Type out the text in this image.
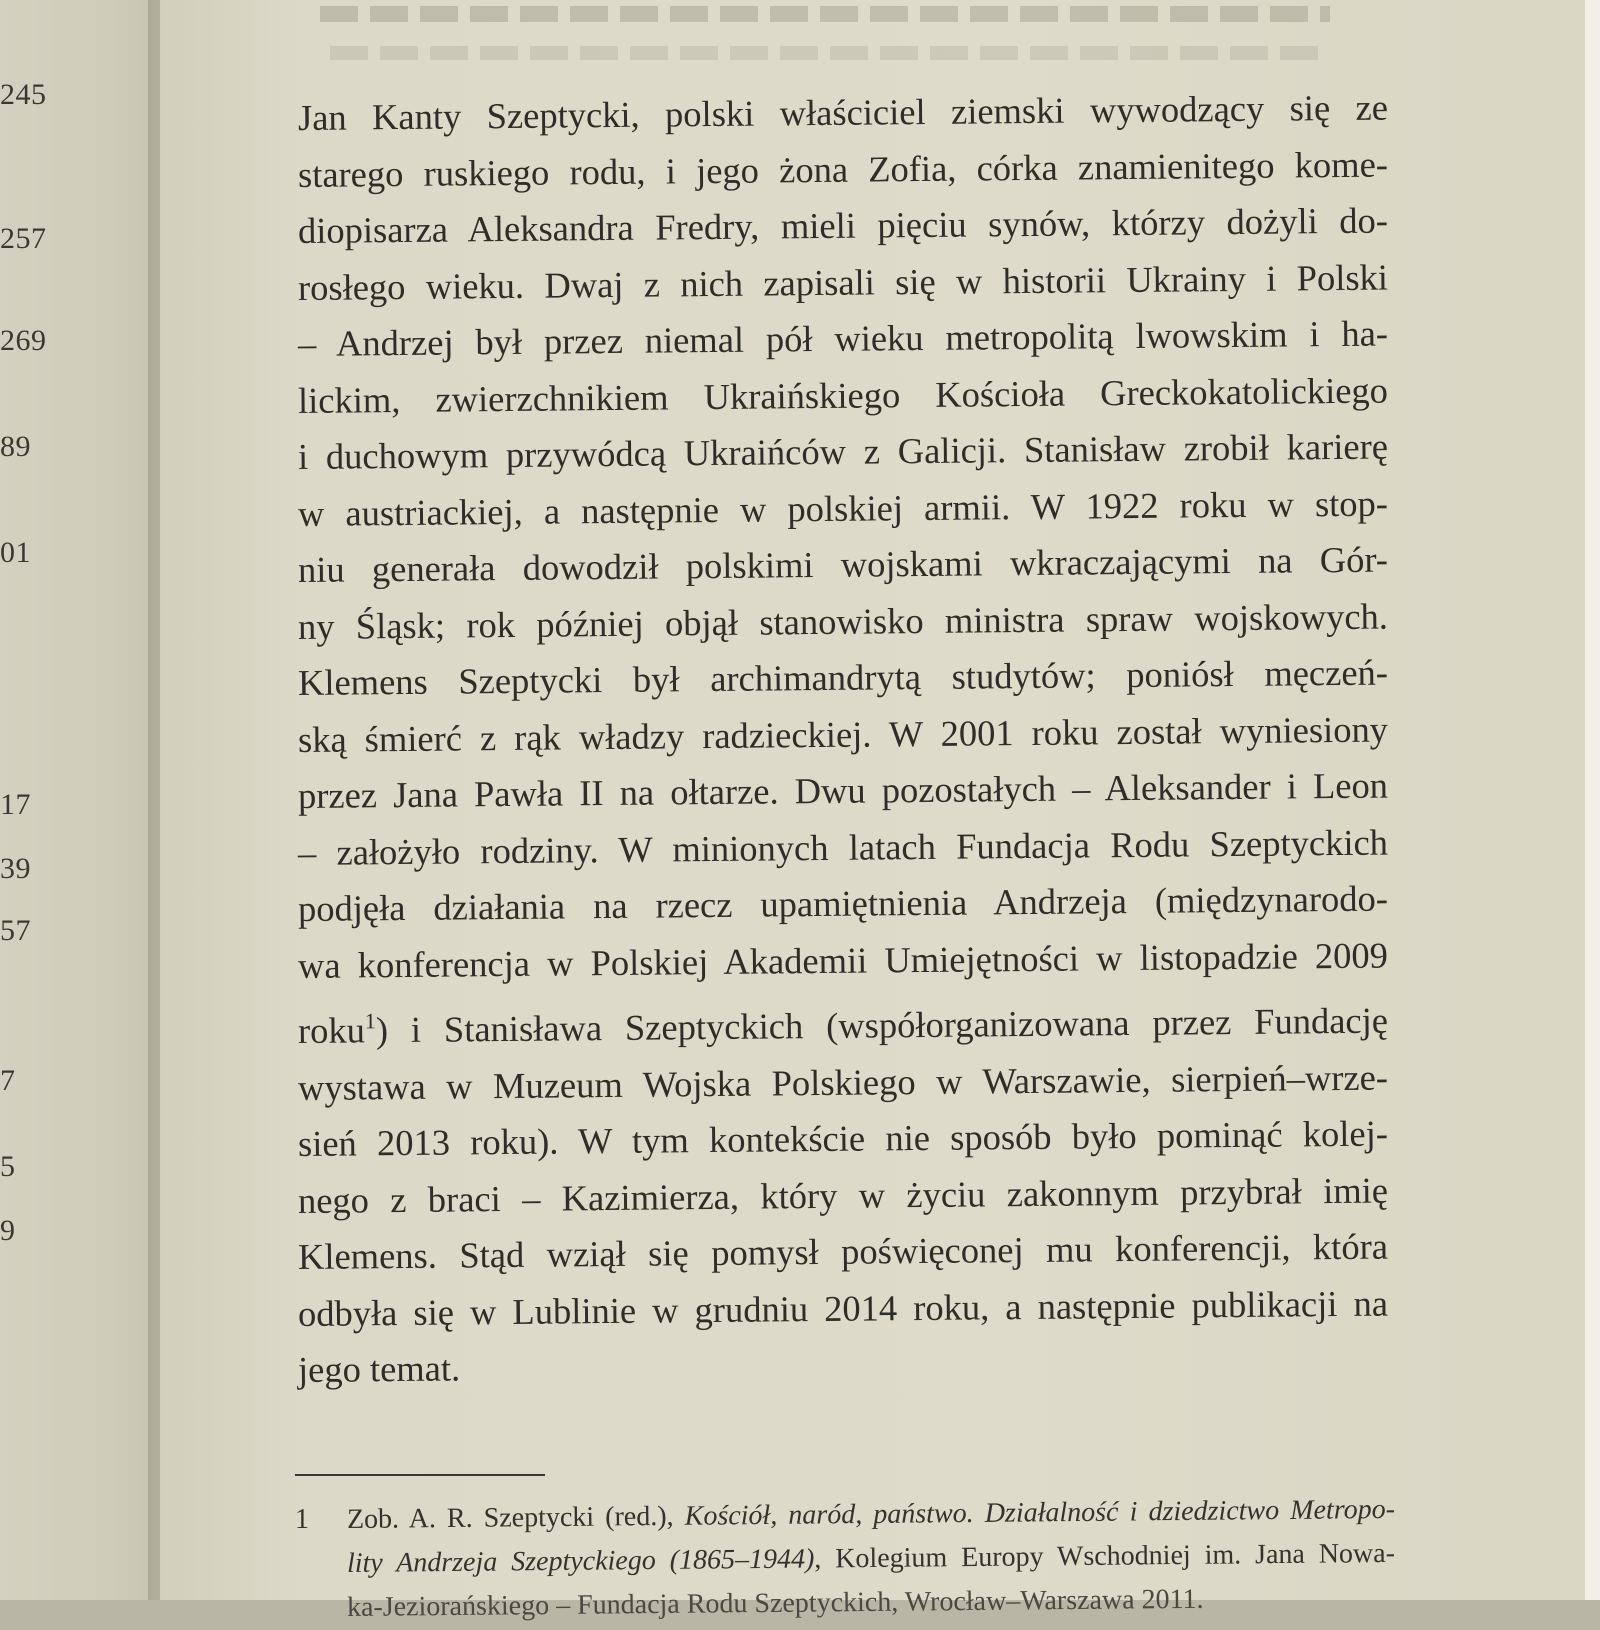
245
257
269
89
01
17
39
57
7
5
9
Jan Kanty Szeptycki, polski właściciel ziemski wywodzący się ze
starego ruskiego rodu, i jego żona Zofia, córka znamienitego kome-
diopisarza Aleksandra Fredry, mieli pięciu synów, którzy dożyli do-
rosłego wieku. Dwaj z nich zapisali się w historii Ukrainy i Polski
– Andrzej był przez niemal pół wieku metropolitą lwowskim i ha-
lickim, zwierzchnikiem Ukraińskiego Kościoła Greckokatolickiego
i duchowym przywódcą Ukraińców z Galicji. Stanisław zrobił karierę
w austriackiej, a następnie w polskiej armii. W 1922 roku w stop-
niu generała dowodził polskimi wojskami wkraczającymi na Gór-
ny Śląsk; rok później objął stanowisko ministra spraw wojskowych.
Klemens Szeptycki był archimandrytą studytów; poniósł męczeń-
ską śmierć z rąk władzy radzieckiej. W 2001 roku został wyniesiony
przez Jana Pawła II na ołtarze. Dwu pozostałych – Aleksander i Leon
– założyło rodziny. W minionych latach Fundacja Rodu Szeptyckich
podjęła działania na rzecz upamiętnienia Andrzeja (międzynarodo-
wa konferencja w Polskiej Akademii Umiejętności w listopadzie 2009
roku$^1$) i Stanisława Szeptyckich (współorganizowana przez Fundację
wystawa w Muzeum Wojska Polskiego w Warszawie, sierpień–wrze-
sień 2013 roku). W tym kontekście nie sposób było pominąć kolej-
nego z braci – Kazimierza, który w życiu zakonnym przybrał imię
Klemens. Stąd wziął się pomysł poświęconej mu konferencji, która
odbyła się w Lublinie w grudniu 2014 roku, a następnie publikacji na
jego temat.
1 Zob. A. R. Szeptycki (red.), Kościół, naród, państwo. Działalność i dziedzictwo Metropo-
lity Andrzeja Szeptyckiego (1865–1944), Kolegium Europy Wschodniej im. Jana Nowa-
ka-Jeziorańskiego – Fundacja Rodu Szeptyckich, Wrocław–Warszawa 2011.
